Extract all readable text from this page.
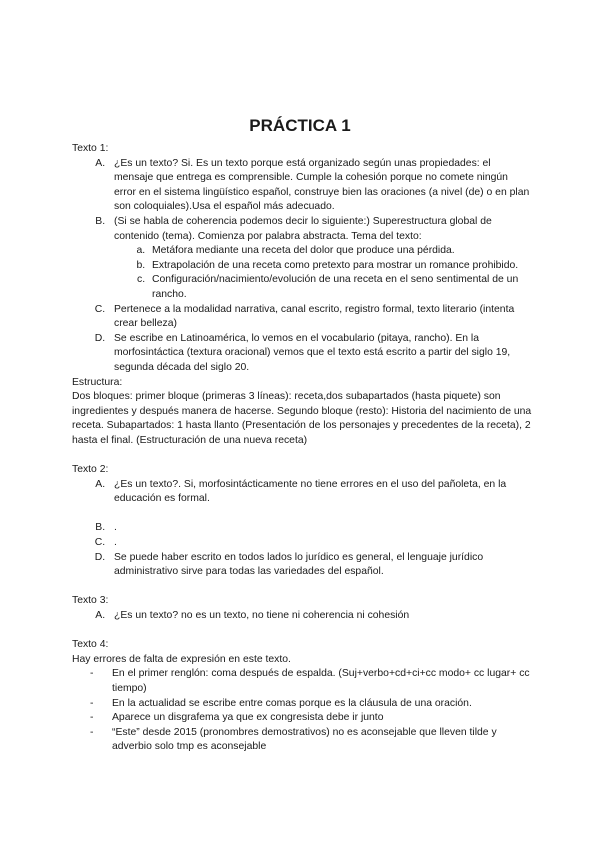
PRÁCTICA 1

Texto 1:

A. ¿Es un texto? Si. Es un texto porque está organizado según unas propiedades: el mensaje que entrega es comprensible. Cumple la cohesión porque no comete ningún error en el sistema lingüístico español, construye bien las oraciones (a nivel (de) o en plan son coloquiales).Usa el español más adecuado.
B. (Si se habla de coherencia podemos decir lo siguiente:) Superestructura global de contenido (tema). Comienza por palabra abstracta. Tema del texto:
a. Metáfora mediante una receta del dolor que produce una pérdida.
b. Extrapolación de una receta como pretexto para mostrar un romance prohibido.
c. Configuración/nacimiento/evolución de una receta en el seno sentimental de un rancho.
C. Pertenece a la modalidad narrativa, canal escrito, registro formal, texto literario (intenta crear belleza)
D. Se escribe en Latinoamérica, lo vemos en el vocabulario (pitaya, rancho). En la morfosintáctica (textura oracional) vemos que el texto está escrito a partir del siglo 19, segunda década del siglo 20.

Estructura:

Dos bloques: primer bloque (primeras 3 líneas): receta,dos subapartados (hasta piquete) son ingredientes y después manera de hacerse. Segundo bloque (resto): Historia del nacimiento de una receta. Subapartados: 1 hasta llanto (Presentación de los personajes y precedentes de la receta), 2 hasta el final. (Estructuración de una nueva receta)

Texto 2:

A. ¿Es un texto?. Si, morfosintácticamente no tiene errores en el uso del pañoleta, en la educación es formal.
B. .
C. .
D. Se puede haber escrito en todos lados lo jurídico es general, el lenguaje jurídico administrativo sirve para todas las variedades del español.

Texto 3:

A. ¿Es un texto? no es un texto, no tiene ni coherencia ni cohesión

Texto 4:

Hay errores de falta de expresión en este texto.

- En el primer renglón: coma después de espalda. (Suj+verbo+cd+ci+cc modo+ cc lugar+ cc tiempo)
- En la actualidad se escribe entre comas porque es la cláusula de una oración.
- Aparece un disgrafema ya que ex congresista debe ir junto
- “Este” desde 2015 (pronombres demostrativos) no es aconsejable que lleven tilde y adverbio solo tmp es aconsejable
